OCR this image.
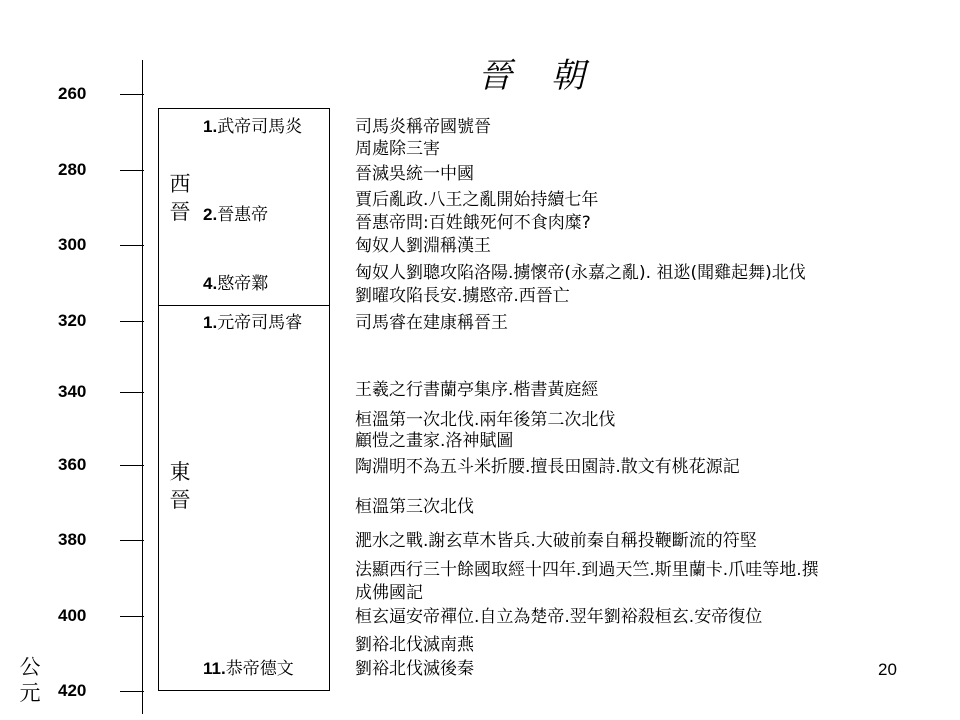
晉 朝
260
280
300
320
340
360
380
400
420
公
元
西
晉
東
晉
1.武帝司馬炎
2.晉惠帝
4.愍帝鄴
1.元帝司馬睿
11.恭帝德文
司馬炎稱帝國號晉
周處除三害
晉滅吳統一中國
賈后亂政.八王之亂開始持續七年
晉惠帝問:百姓餓死何不食肉糜?
匈奴人劉淵稱漢王
匈奴人劉聰攻陷洛陽.擄懷帝(永嘉之亂). 祖逖(聞雞起舞)北伐
劉曜攻陷長安.擄愍帝.西晉亡
司馬睿在建康稱晉王
王羲之行書蘭亭集序.楷書黃庭經
桓溫第一次北伐.兩年後第二次北伐
顧愷之畫家.洛神賦圖
陶淵明不為五斗米折腰.擅長田園詩.散文有桃花源記
桓溫第三次北伐
淝水之戰.謝玄草木皆兵.大破前秦自稱投鞭斷流的符堅
法顯西行三十餘國取經十四年.到過天竺.斯里蘭卡.爪哇等地.撰
成佛國記
桓玄逼安帝禪位.自立為楚帝.翌年劉裕殺桓玄.安帝復位
劉裕北伐滅南燕
劉裕北伐滅後秦	20
